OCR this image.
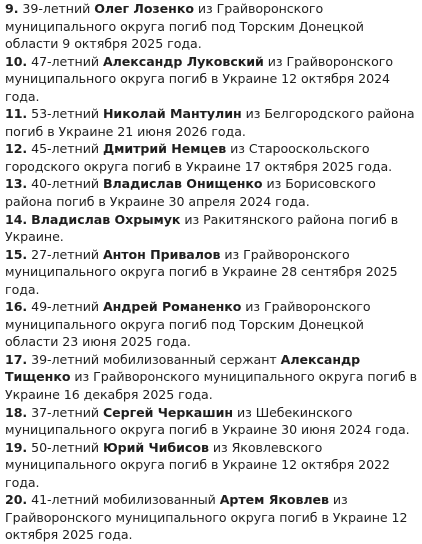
9. 39-летний Олег Лозенко из Грайворонского муниципального округа погиб под Торским Донецкой области 9 октября 2025 года.

10. 47-летний Александр Луковский из Грайворонского муниципального округа погиб в Украине 12 октября 2024 года.

11. 53-летний Николай Мантулин из Белгородского района погиб в Украине 21 июня 2026 года.

12. 45-летний Дмитрий Немцев из Старооскольского городского округа погиб в Украине 17 октября 2025 года.

13. 40-летний Владислав Онищенко из Борисовского района погиб в Украине 30 апреля 2024 года.

14. Владислав Охрымук из Ракитянского района погиб в Украине.

15. 27-летний Антон Привалов из Грайворонского муниципального округа погиб в Украине 28 сентября 2025 года.

16. 49-летний Андрей Романенко из Грайворонского муниципального округа погиб под Торским Донецкой области 23 июня 2025 года.

17. 39-летний мобилизованный сержант Александр Тищенко из Грайворонского муниципального округа погиб в Украине 16 декабря 2025 года.

18. 37-летний Сергей Черкашин из Шебекинского муниципального округа погиб в Украине 30 июня 2024 года.

19. 50-летний Юрий Чибисов из Яковлевского муниципального округа погиб в Украине 12 октября 2022 года.

20. 41-летний мобилизованный Артем Яковлев из Грайворонского муниципального округа погиб в Украине 12 октября 2025 года.
